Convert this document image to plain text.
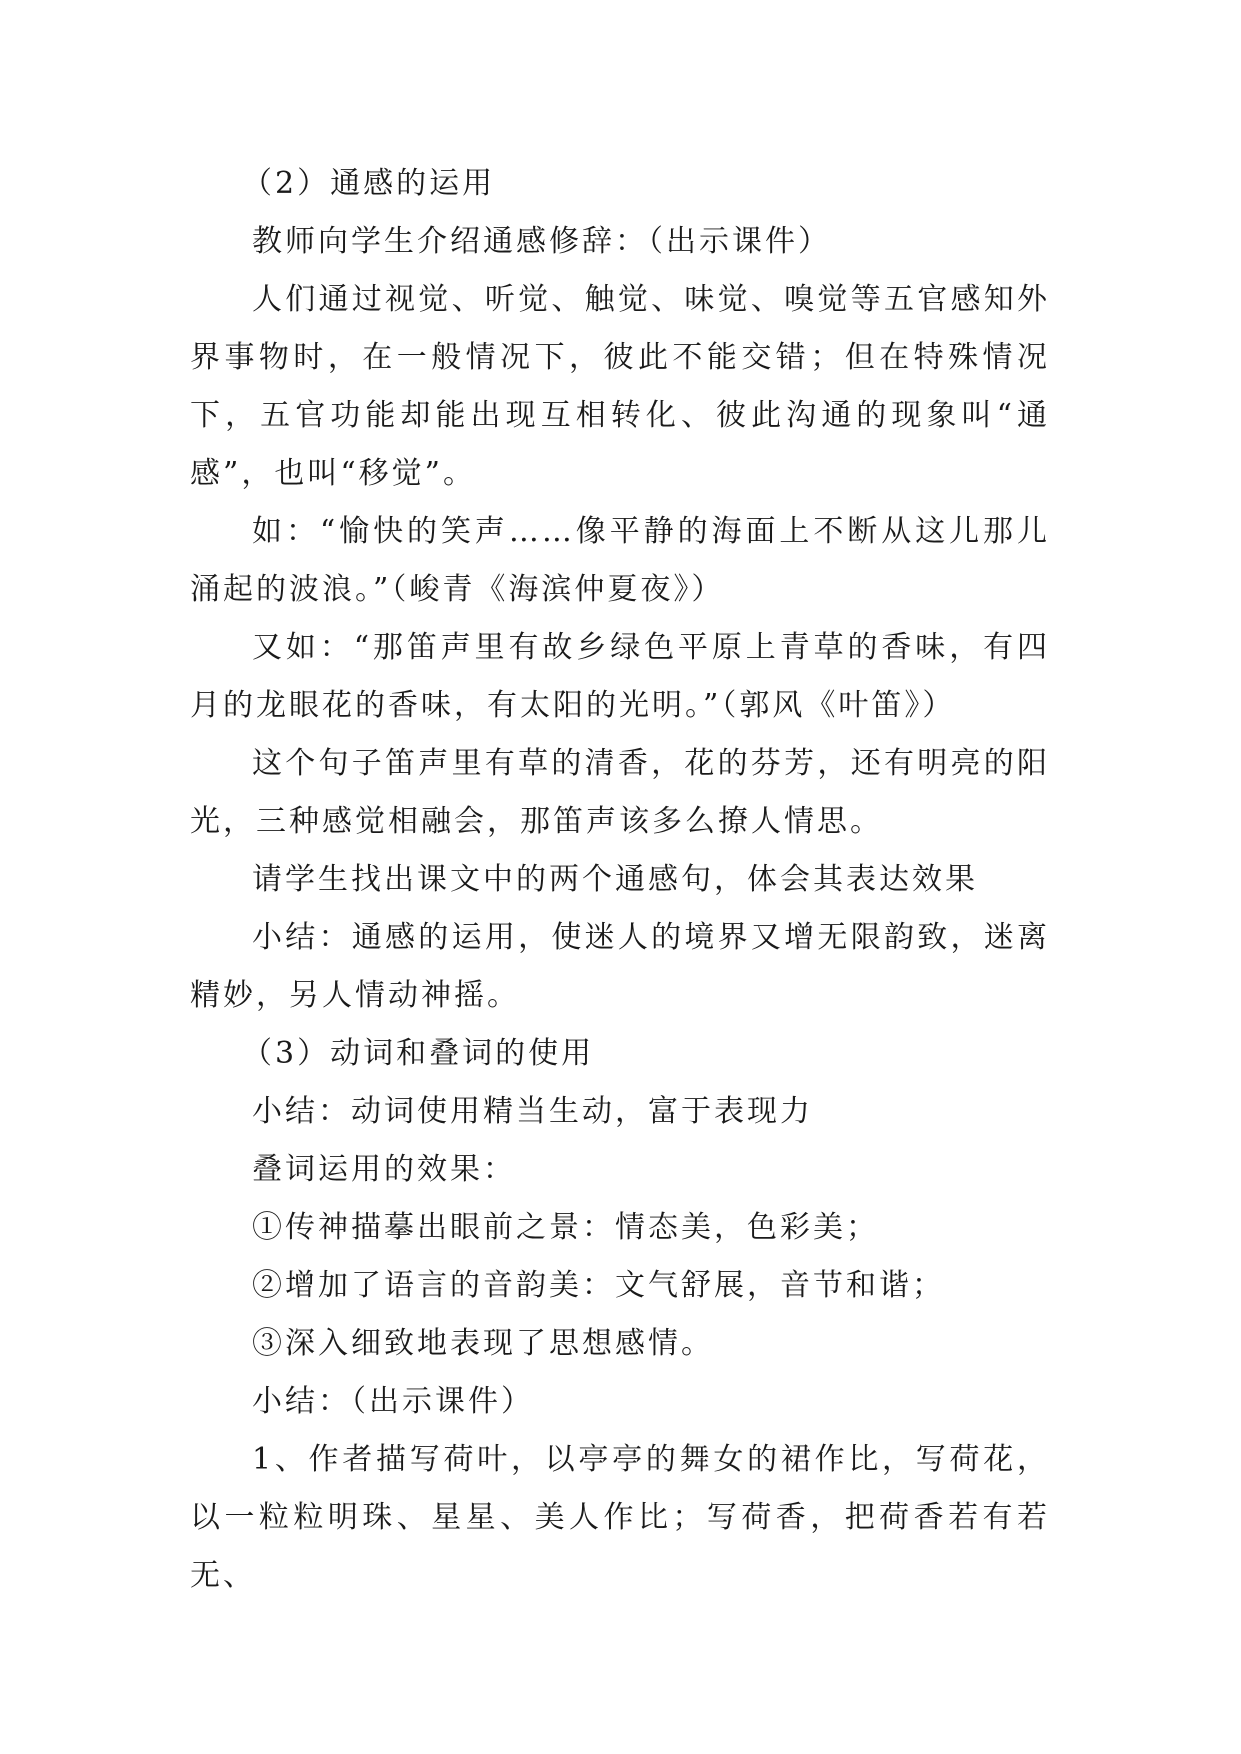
（2）通感的运用

教师向学生介绍通感修辞：（出示课件）

人们通过视觉、听觉、触觉、味觉、嗅觉等五官感知外界事物时，在一般情况下，彼此不能交错；但在特殊情况下，五官功能却能出现互相转化、彼此沟通的现象叫“通感”，也叫“移觉”。

如：“愉快的笑声……像平静的海面上不断从这儿那儿涌起的波浪。”（峻青《海滨仲夏夜》）

又如：“那笛声里有故乡绿色平原上青草的香味，有四月的龙眼花的香味，有太阳的光明。”（郭风《叶笛》）

这个句子笛声里有草的清香，花的芬芳，还有明亮的阳光，三种感觉相融会，那笛声该多么撩人情思。

请学生找出课文中的两个通感句，体会其表达效果

小结：通感的运用，使迷人的境界又增无限韵致，迷离精妙，另人情动神摇。

（3）动词和叠词的使用

小结：动词使用精当生动，富于表现力

叠词运用的效果：

①传神描摹出眼前之景：情态美，色彩美；

②增加了语言的音韵美：文气舒展，音节和谐；

③深入细致地表现了思想感情。

小结：（出示课件）

1、作者描写荷叶，以亭亭的舞女的裙作比，写荷花，以一粒粒明珠、星星、美人作比；写荷香，把荷香若有若无、
